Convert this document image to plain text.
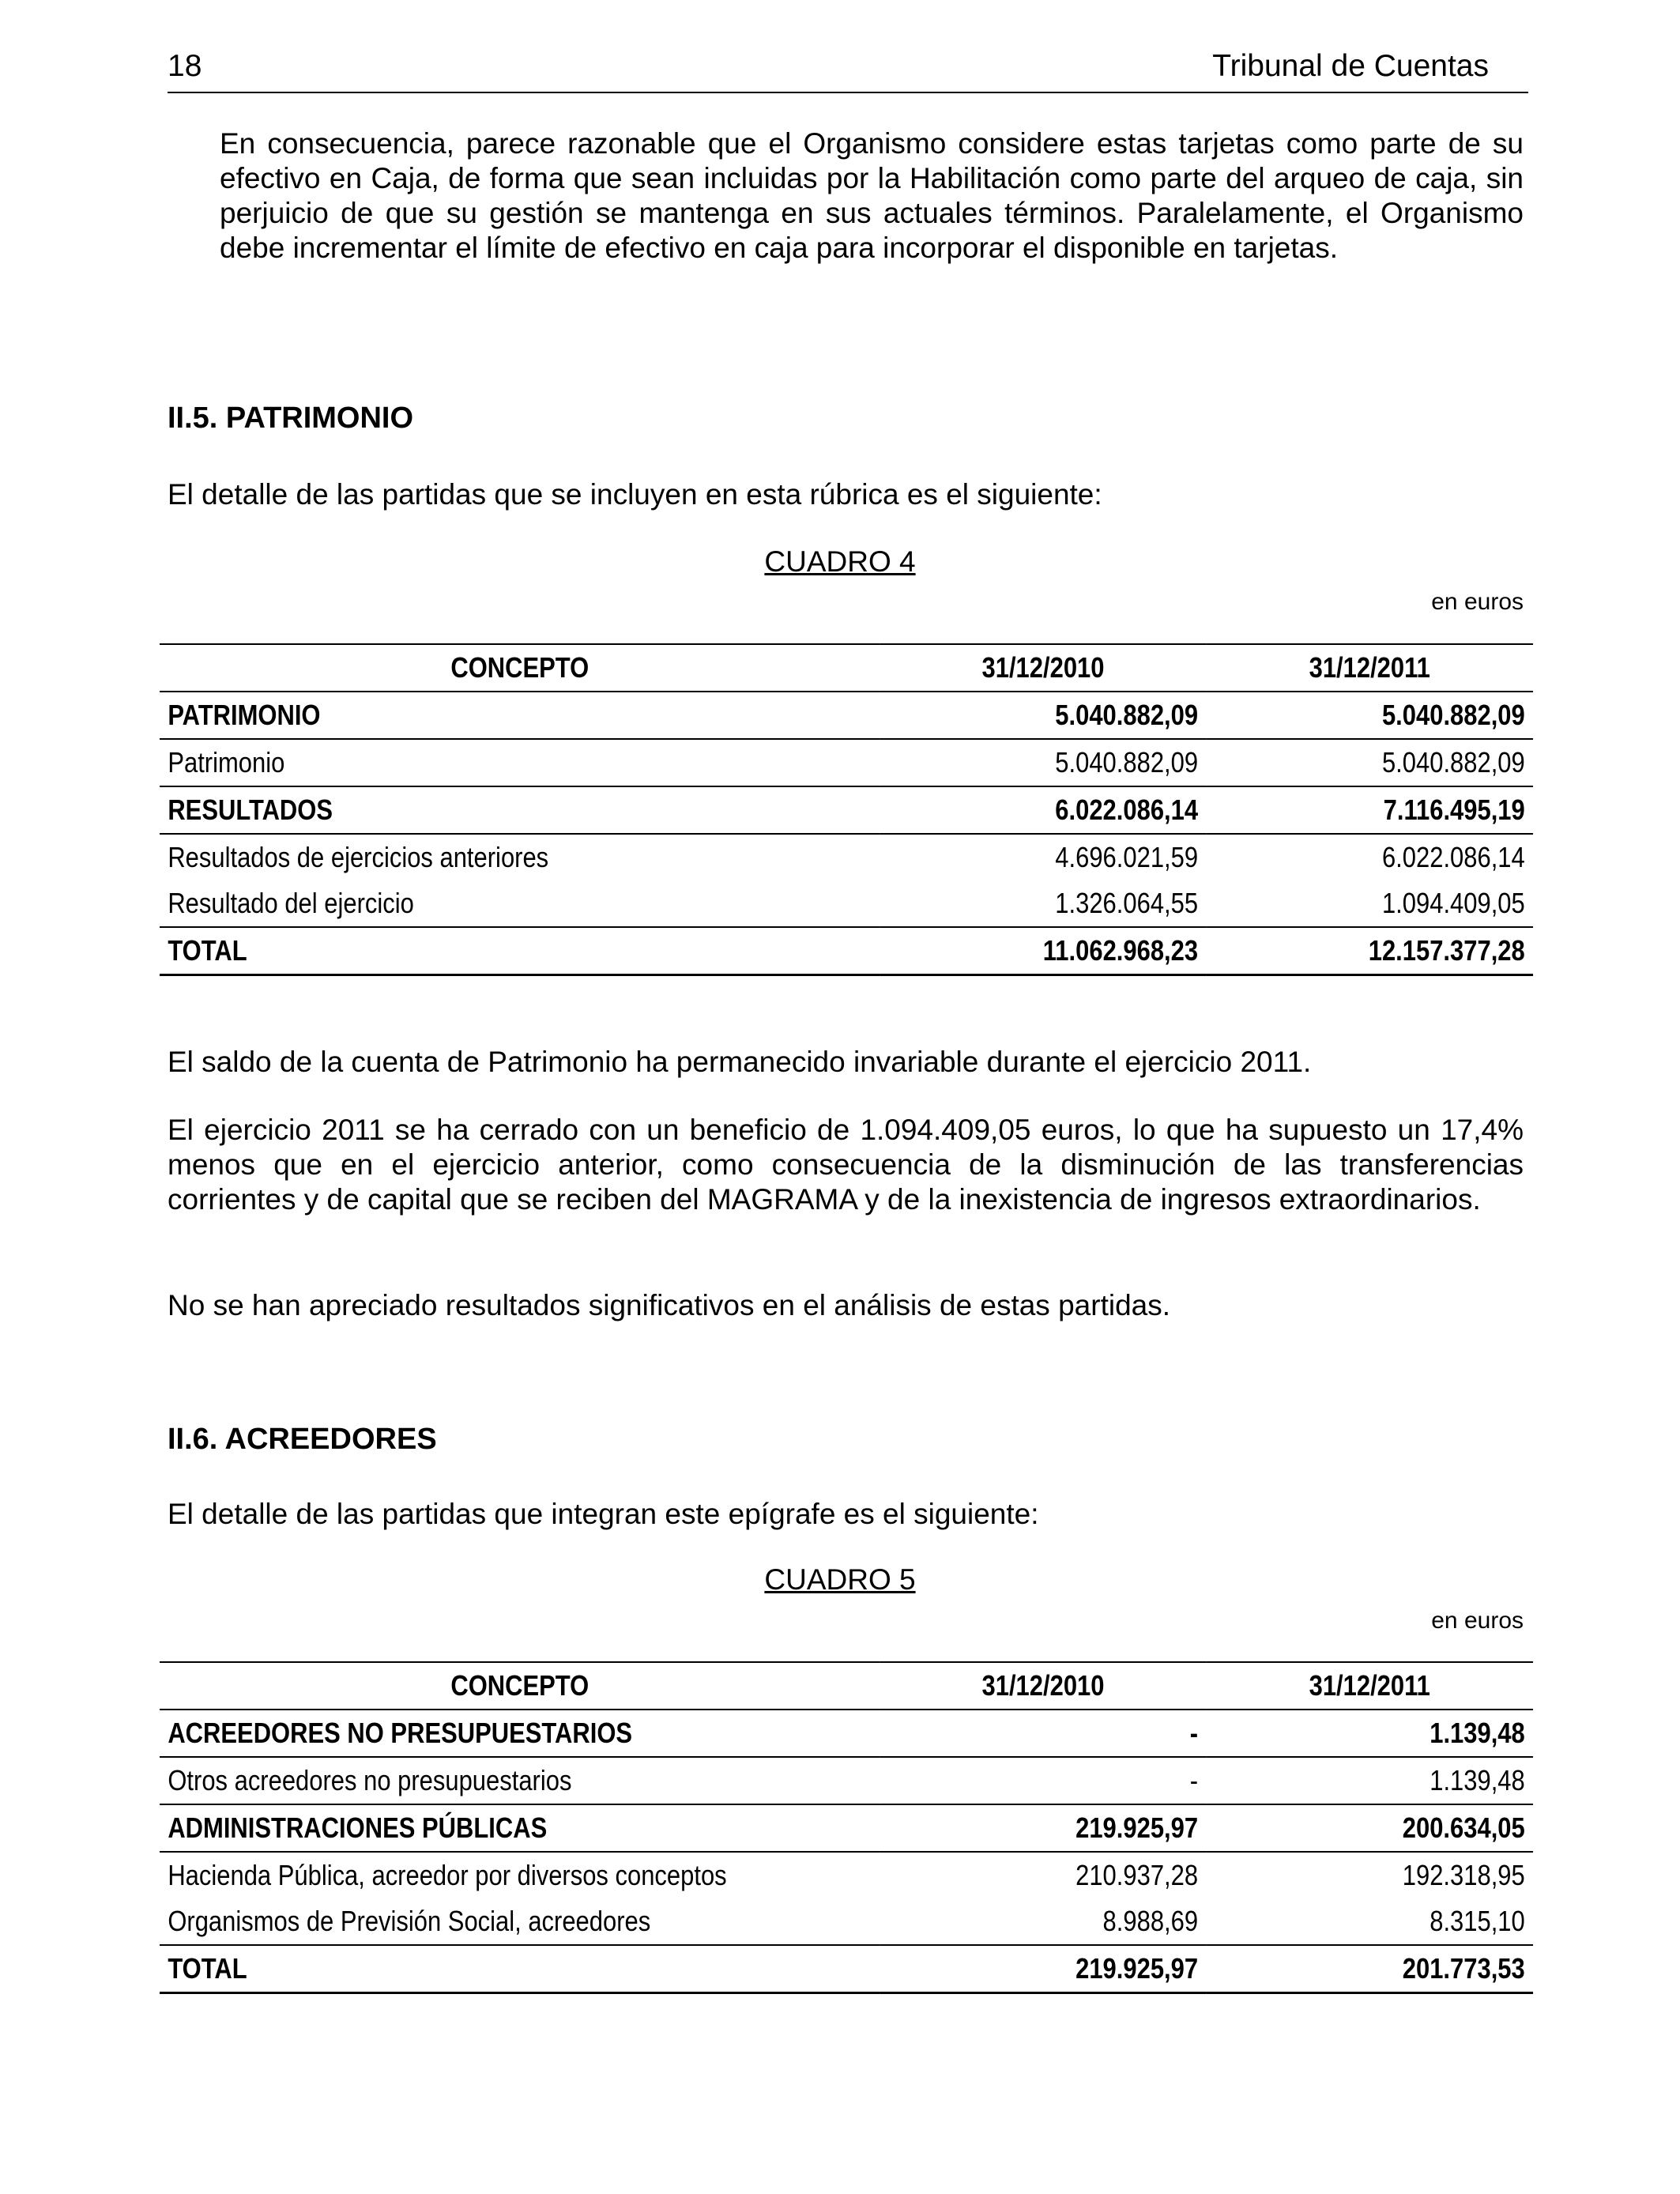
18	Tribunal de Cuentas

En consecuencia, parece razonable que el Organismo considere estas tarjetas como parte de su efectivo en Caja, de forma que sean incluidas por la Habilitación como parte del arqueo de caja, sin perjuicio de que su gestión se mantenga en sus actuales términos. Paralelamente, el Organismo debe incrementar el límite de efectivo en caja para incorporar el disponible en tarjetas.

II.5. PATRIMONIO

El detalle de las partidas que se incluyen en esta rúbrica es el siguiente:

CUADRO 4
en euros
CONCEPTO	31/12/2010	31/12/2011
PATRIMONIO	5.040.882,09	5.040.882,09
Patrimonio	5.040.882,09	5.040.882,09
RESULTADOS	6.022.086,14	7.116.495,19
Resultados de ejercicios anteriores	4.696.021,59	6.022.086,14
Resultado del ejercicio	1.326.064,55	1.094.409,05
TOTAL	11.062.968,23	12.157.377,28

El saldo de la cuenta de Patrimonio ha permanecido invariable durante el ejercicio 2011.

El ejercicio 2011 se ha cerrado con un beneficio de 1.094.409,05 euros, lo que ha supuesto un 17,4% menos que en el ejercicio anterior, como consecuencia de la disminución de las transferencias corrientes y de capital que se reciben del MAGRAMA y de la inexistencia de ingresos extraordinarios.

No se han apreciado resultados significativos en el análisis de estas partidas.

II.6. ACREEDORES

El detalle de las partidas que integran este epígrafe es el siguiente:

CUADRO 5
en euros
CONCEPTO	31/12/2010	31/12/2011
ACREEDORES NO PRESUPUESTARIOS	-	1.139,48
Otros acreedores no presupuestarios	-	1.139,48
ADMINISTRACIONES PÚBLICAS	219.925,97	200.634,05
Hacienda Pública, acreedor por diversos conceptos	210.937,28	192.318,95
Organismos de Previsión Social, acreedores	8.988,69	8.315,10
TOTAL	219.925,97	201.773,53
